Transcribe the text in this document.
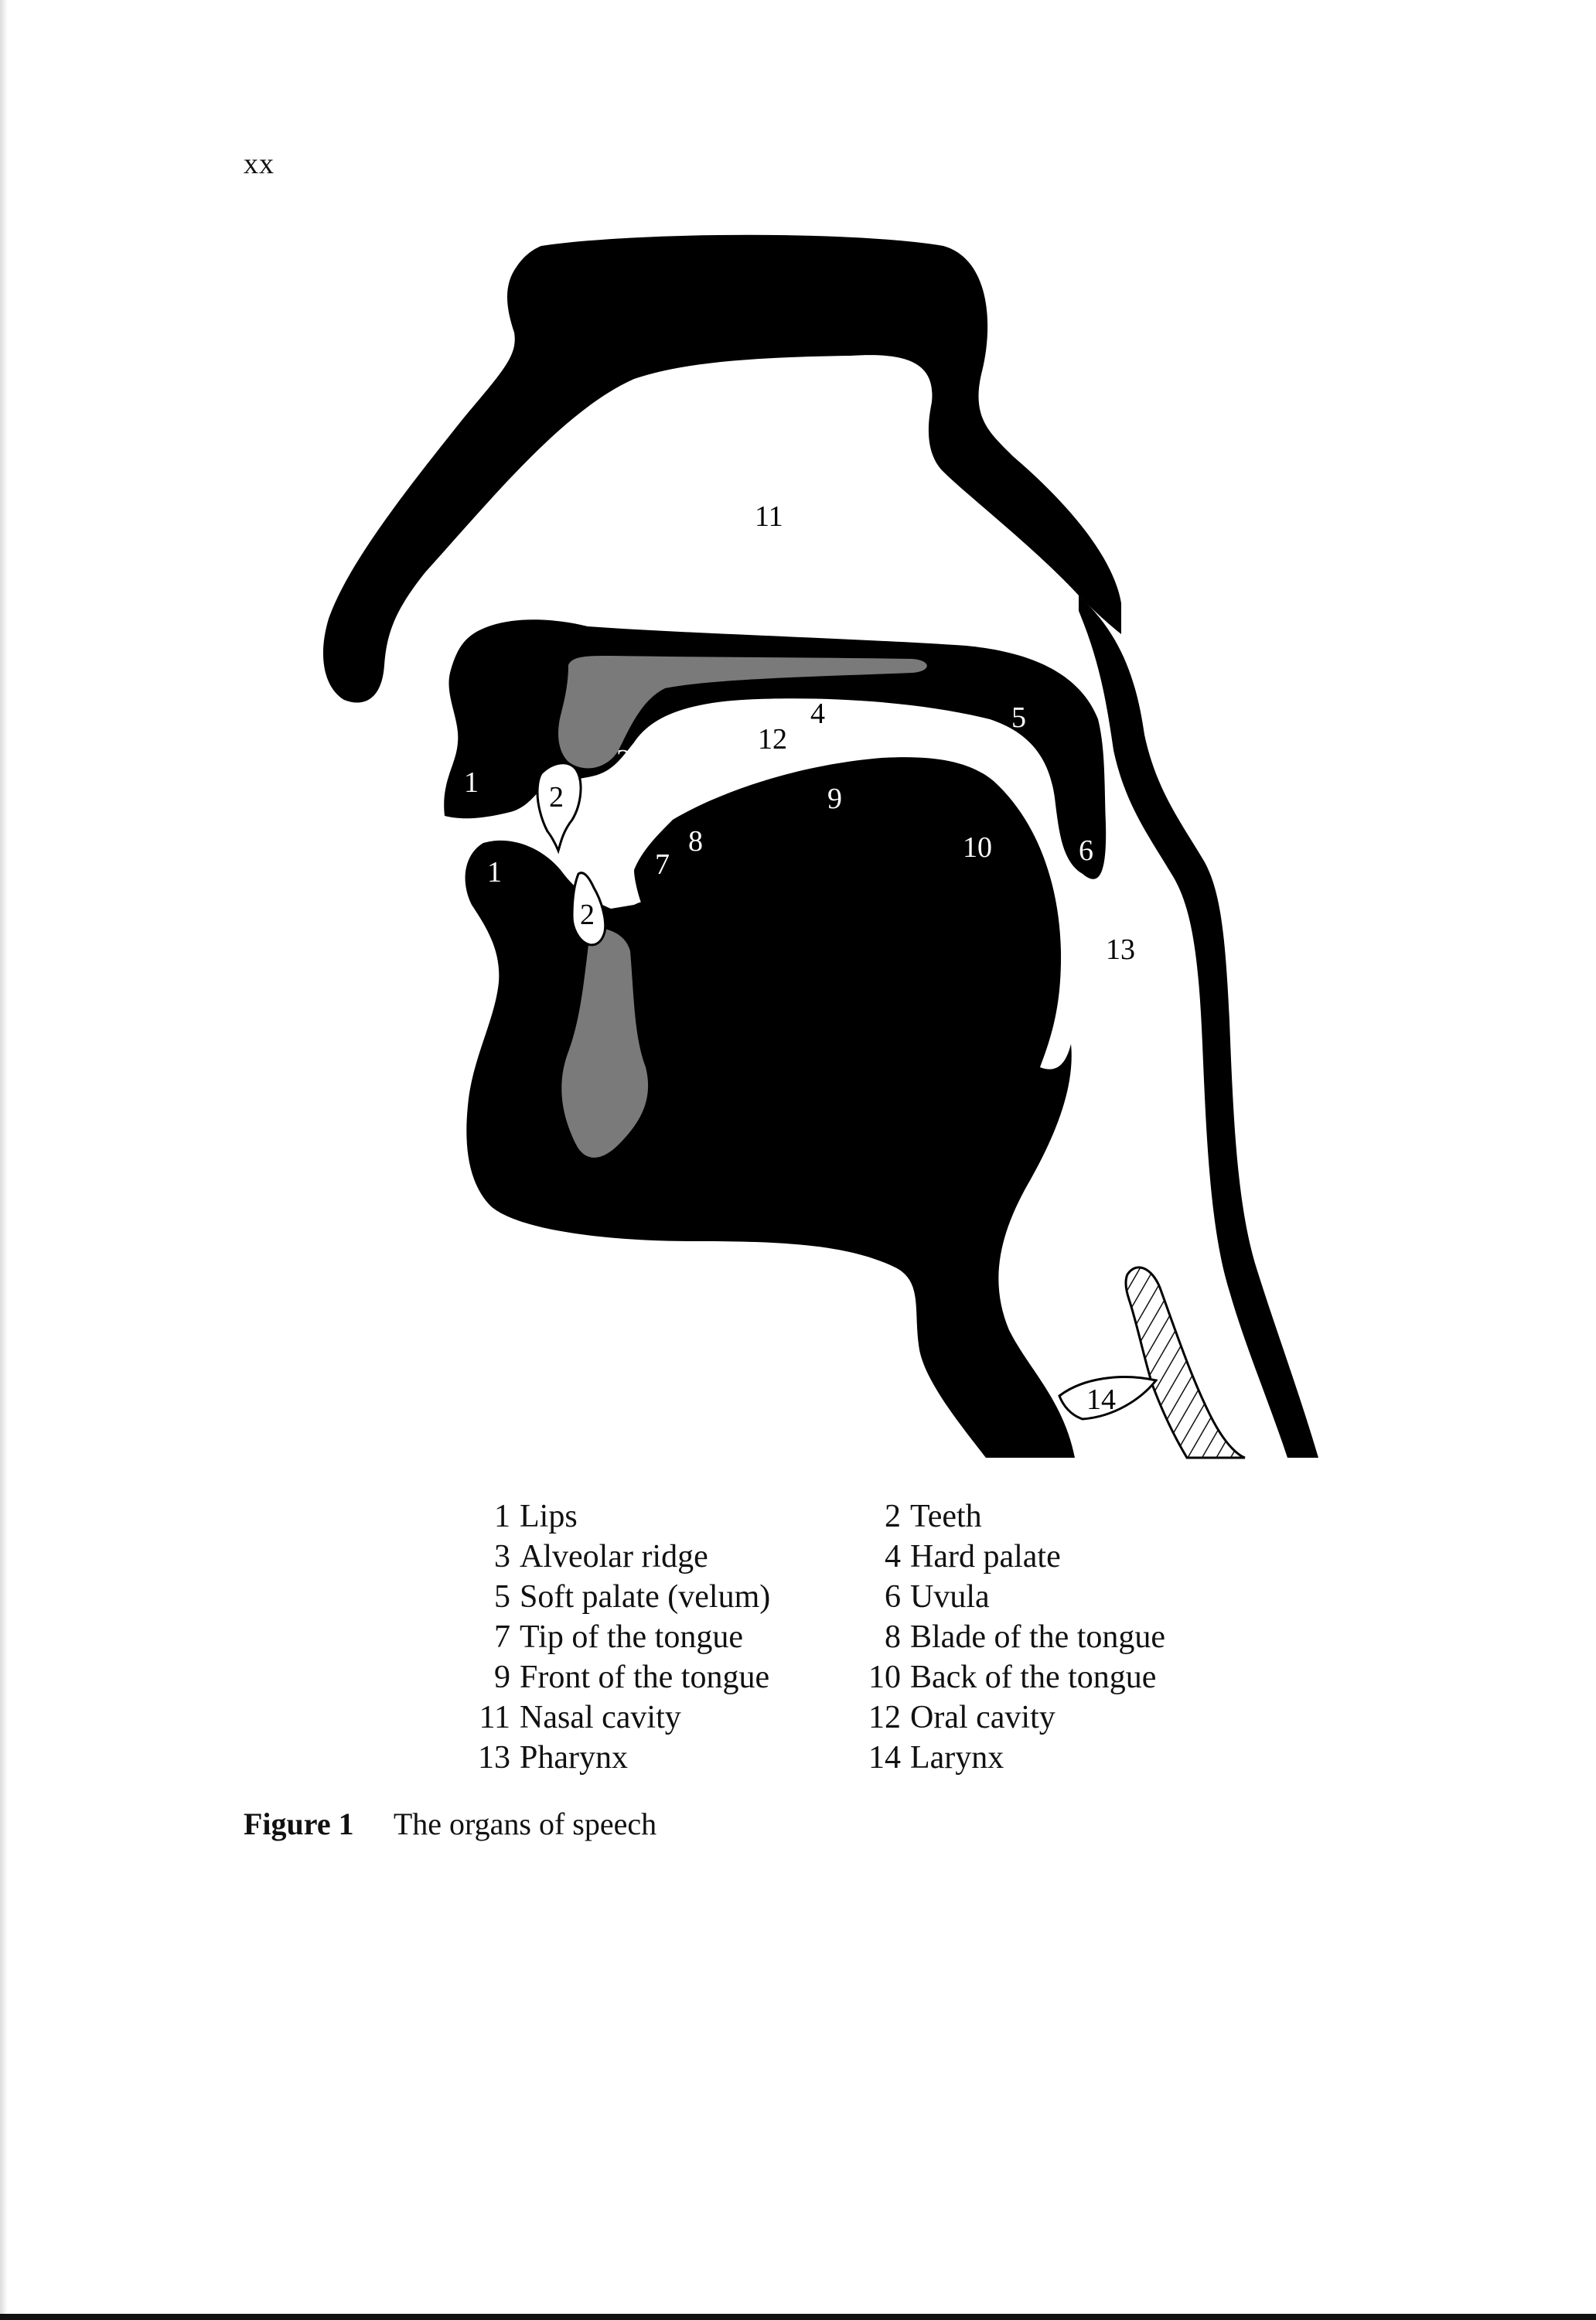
xx
11
1 2
3
4
12
5
6
9
10
8
7
1
2
13
14
1 Lips	2 Teeth
3 Alveolar ridge	4 Hard palate
5 Soft palate (velum)	6 Uvula
7 Tip of the tongue	8 Blade of the tongue
9 Front of the tongue	10 Back of the tongue
11 Nasal cavity	12 Oral cavity
13 Pharynx	14 Larynx
Figure 1 The organs of speech
